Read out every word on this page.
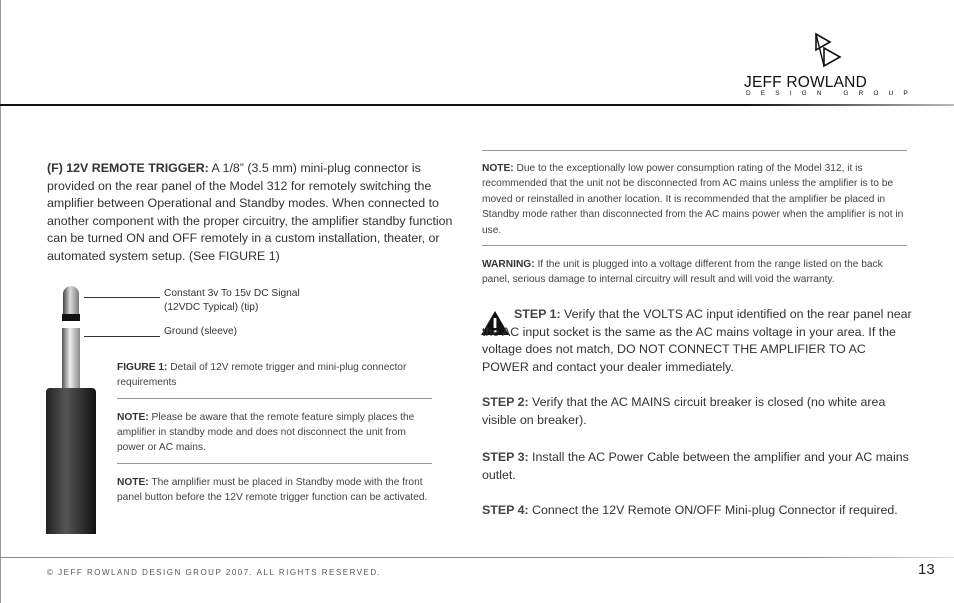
JEFF ROWLAND
DESIGN GROUP
(F) 12V REMOTE TRIGGER: A 1/8” (3.5 mm) mini-plug connector is provided on the rear panel of the Model 312 for remotely switching the amplifier between Operational and Standby modes. When connected to another component with the proper circuitry, the amplifier standby function can be turned ON and OFF remotely in a custom installation, theater, or automated system setup. (See FIGURE 1)
Constant 3v To 15v DC Signal
(12VDC Typical) (tip)
Ground (sleeve)
FIGURE 1: Detail of 12V remote trigger and mini-plug connector requirements
NOTE: Please be aware that the remote feature simply places the amplifier in standby mode and does not disconnect the unit from power or AC mains.
NOTE: The amplifier must be placed in Standby mode with the front panel button before the 12V remote trigger function can be activated.
NOTE: Due to the exceptionally low power consumption rating of the Model 312, it is recommended that the unit not be disconnected from AC mains unless the amplifier is to be moved or reinstalled in another location. It is recommended that the amplifier be placed in Standby mode rather than disconnected from the AC mains power when the amplifier is not in use.
WARNING: If the unit is plugged into a voltage different from the range listed on the back panel, serious damage to internal circuitry will result and will void the warranty.
STEP 1: Verify that the VOLTS AC input identified on the rear panel near the AC input socket is the same as the AC mains voltage in your area. If the voltage does not match, DO NOT CONNECT THE AMPLIFIER TO AC POWER and contact your dealer immediately.
STEP 2: Verify that the AC MAINS circuit breaker is closed (no white area visible on breaker).
STEP 3: Install the AC Power Cable between the amplifier and your AC mains outlet.
STEP 4: Connect the 12V Remote ON/OFF Mini-plug Connector if required.
© JEFF ROWLAND DESIGN GROUP 2007. ALL RIGHTS RESERVED.	13
